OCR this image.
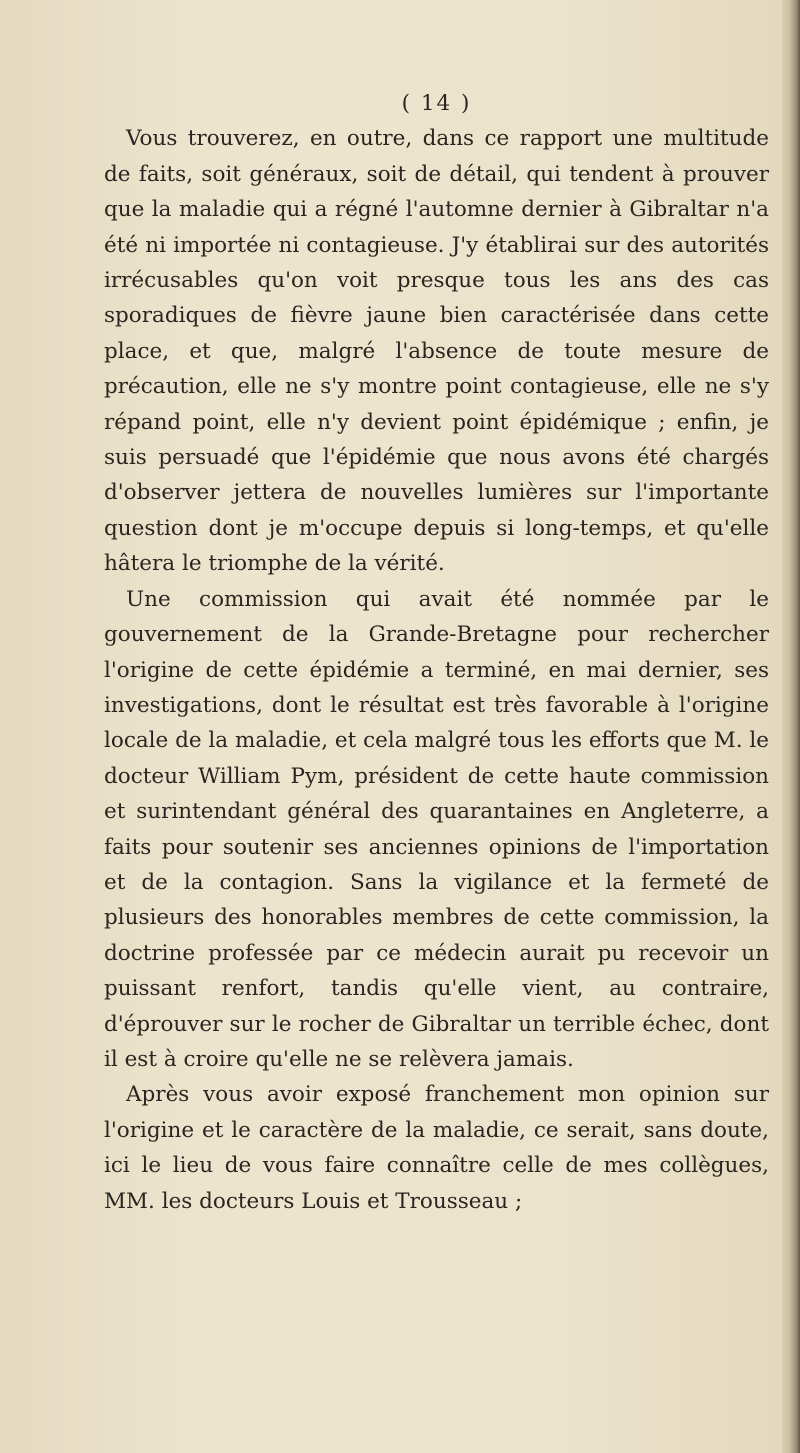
( 14 )

Vous trouverez, en outre, dans ce rapport une multitude de faits, soit généraux, soit de détail, qui tendent à prouver que la maladie qui a régné l'automne dernier à Gibraltar n'a été ni importée ni contagieuse. J'y établirai sur des autorités irrécusables qu'on voit presque tous les ans des cas sporadiques de fièvre jaune bien caractérisée dans cette place, et que, malgré l'absence de toute mesure de précaution, elle ne s'y montre point contagieuse, elle ne s'y répand point, elle n'y devient point épidémique ; enfin, je suis persuadé que l'épidémie que nous avons été chargés d'observer jettera de nouvelles lumières sur l'importante question dont je m'occupe depuis si long-temps, et qu'elle hâtera le triomphe de la vérité.

Une commission qui avait été nommée par le gouvernement de la Grande-Bretagne pour rechercher l'origine de cette épidémie a terminé, en mai dernier, ses investigations, dont le résultat est très favorable à l'origine locale de la maladie, et cela malgré tous les efforts que M. le docteur William Pym, président de cette haute commission et surintendant général des quarantaines en Angleterre, a faits pour soutenir ses anciennes opinions de l'importation et de la contagion. Sans la vigilance et la fermeté de plusieurs des honorables membres de cette commission, la doctrine professée par ce médecin aurait pu recevoir un puissant renfort, tandis qu'elle vient, au contraire, d'éprouver sur le rocher de Gibraltar un terrible échec, dont il est à croire qu'elle ne se relèvera jamais.

Après vous avoir exposé franchement mon opinion sur l'origine et le caractère de la maladie, ce serait, sans doute, ici le lieu de vous faire connaître celle de mes collègues, MM. les docteurs Louis et Trousseau ;
